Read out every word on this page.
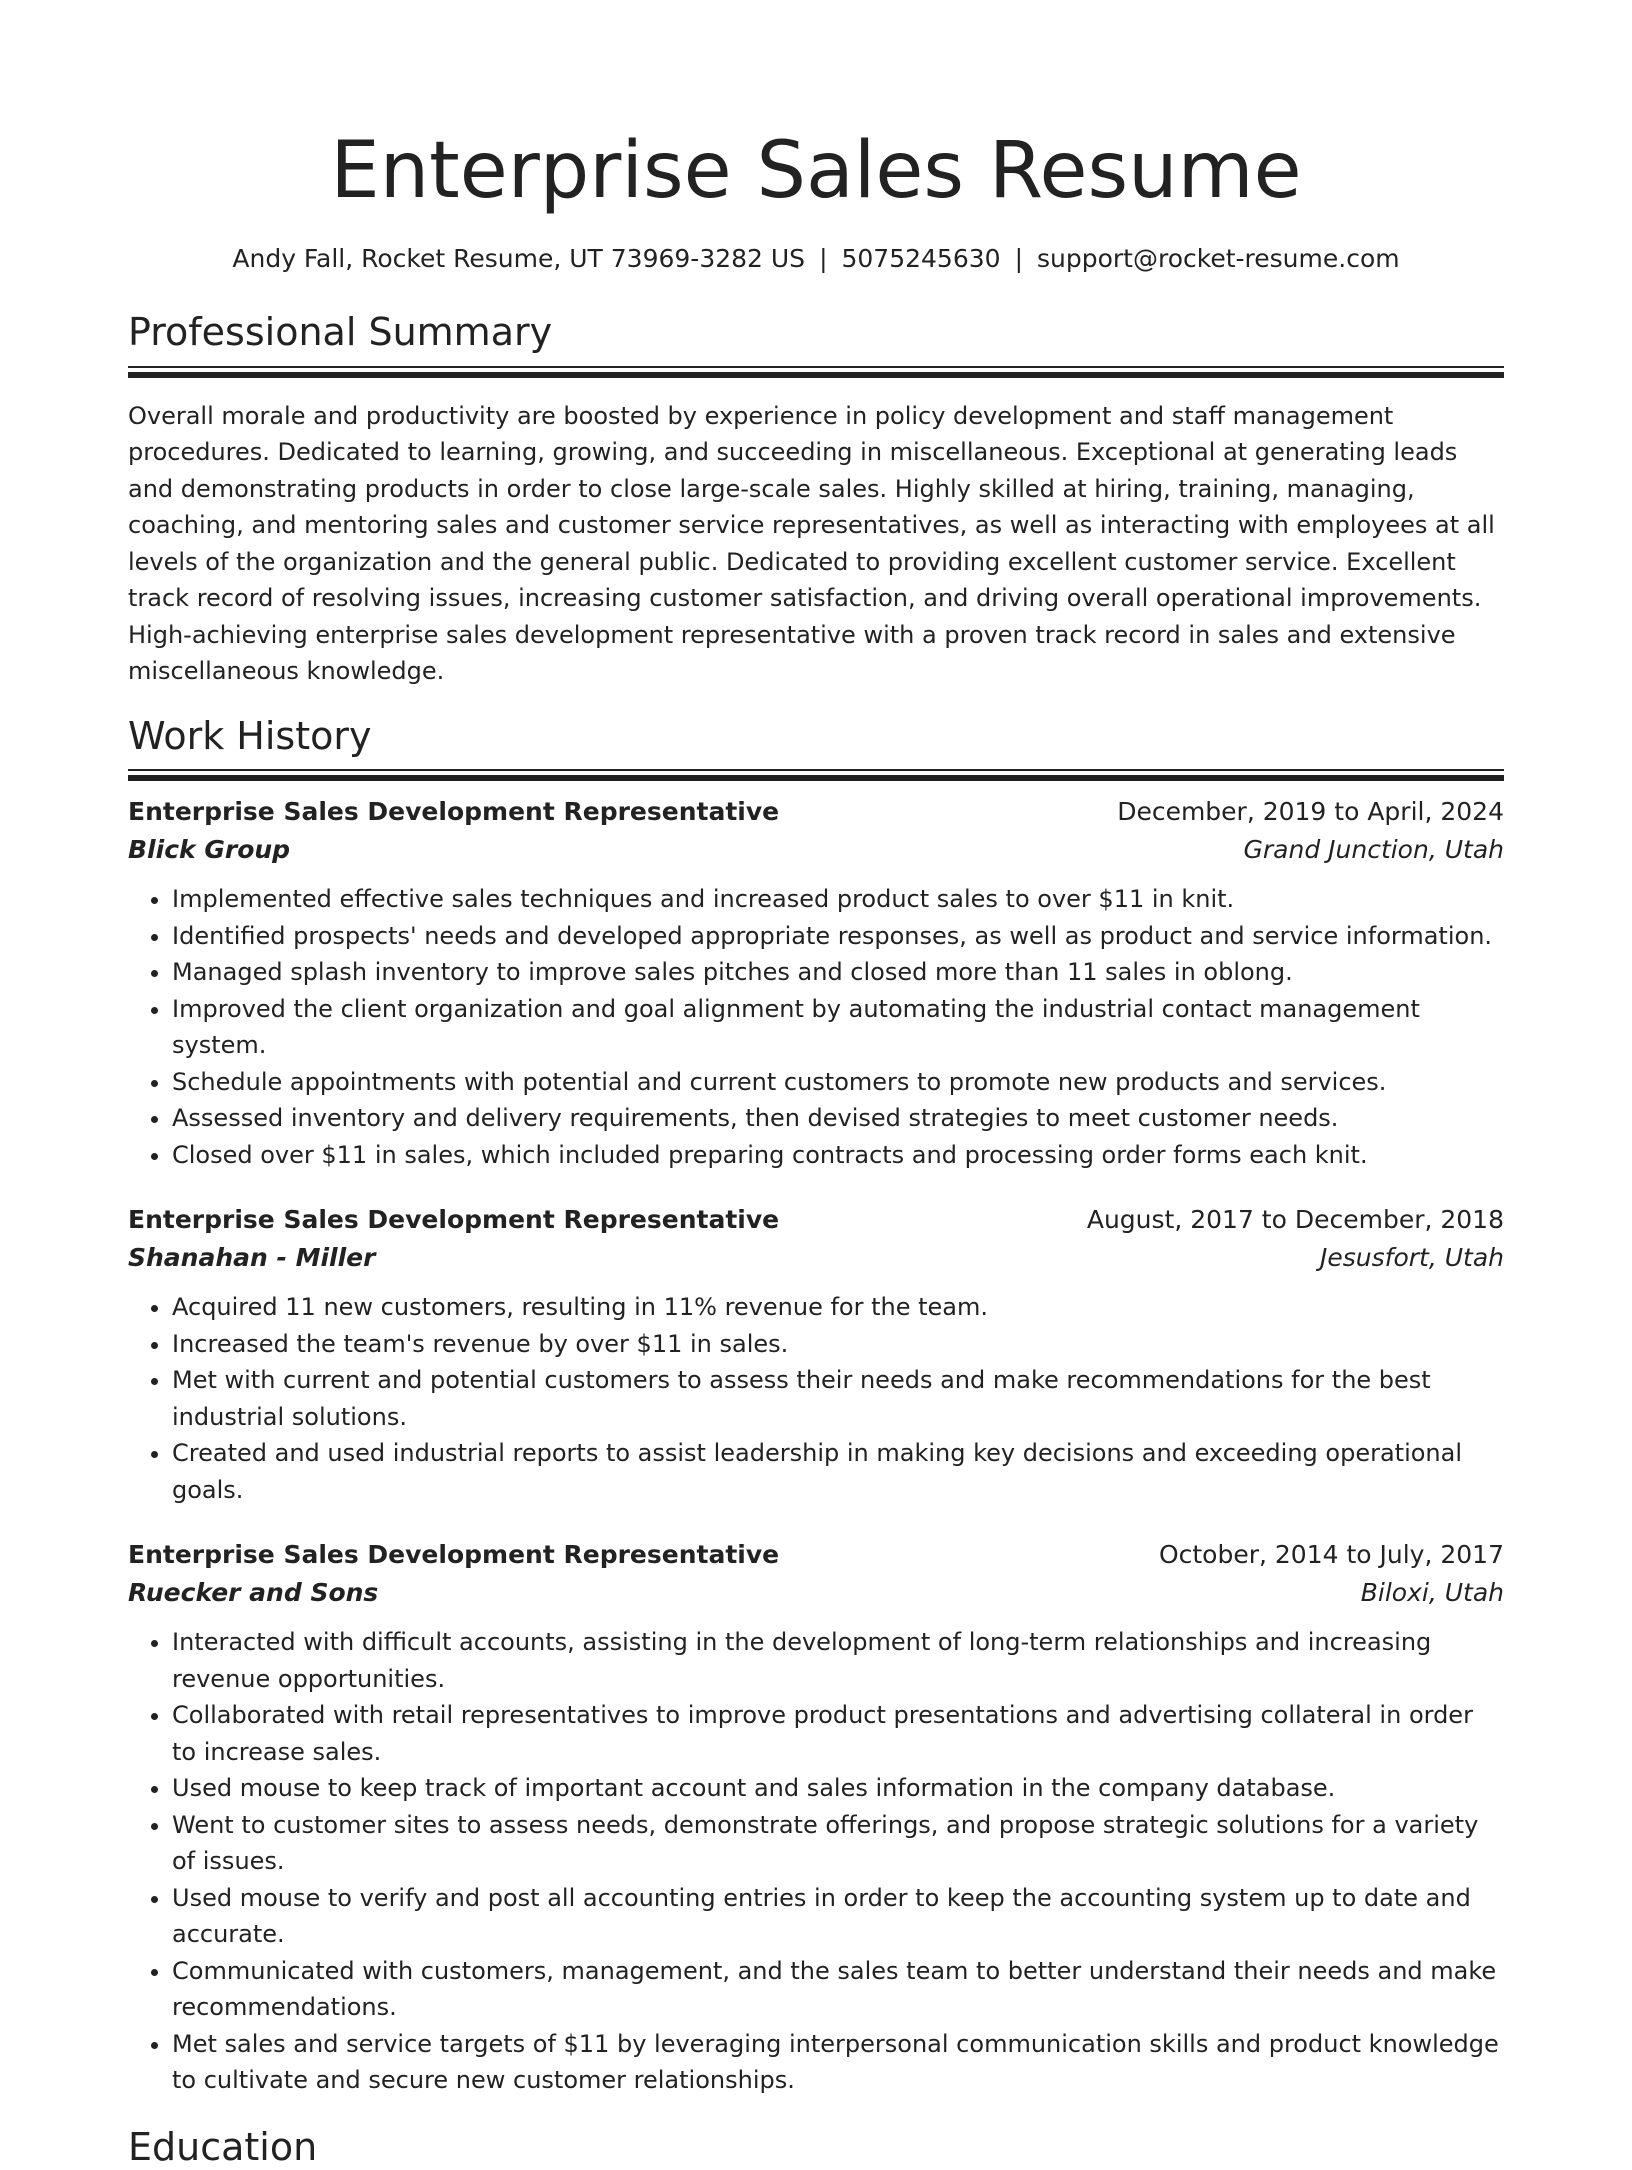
Enterprise Sales Resume
Andy Fall, Rocket Resume, UT 73969-3282 US | 5075245630 | support@rocket-resume.com
Professional Summary

Overall morale and productivity are boosted by experience in policy development and staff management procedures. Dedicated to learning, growing, and succeeding in miscellaneous. Exceptional at generating leads and demonstrating products in order to close large-scale sales. Highly skilled at hiring, training, managing, coaching, and mentoring sales and customer service representatives, as well as interacting with employees at all levels of the organization and the general public. Dedicated to providing excellent customer service. Excellent track record of resolving issues, increasing customer satisfaction, and driving overall operational improvements. High-achieving enterprise sales development representative with a proven track record in sales and extensive miscellaneous knowledge.

Work History
Enterprise Sales Development Representative	December, 2019 to April, 2024
Blick Group	Grand Junction, Utah
• Implemented effective sales techniques and increased product sales to over $11 in knit.
• Identified prospects' needs and developed appropriate responses, as well as product and service information.
• Managed splash inventory to improve sales pitches and closed more than 11 sales in oblong.
• Improved the client organization and goal alignment by automating the industrial contact management system.
• Schedule appointments with potential and current customers to promote new products and services.
• Assessed inventory and delivery requirements, then devised strategies to meet customer needs.
• Closed over $11 in sales, which included preparing contracts and processing order forms each knit.
Enterprise Sales Development Representative	August, 2017 to December, 2018
Shanahan - Miller	Jesusfort, Utah
• Acquired 11 new customers, resulting in 11% revenue for the team.
• Increased the team's revenue by over $11 in sales.
• Met with current and potential customers to assess their needs and make recommendations for the best industrial solutions.
• Created and used industrial reports to assist leadership in making key decisions and exceeding operational goals.
Enterprise Sales Development Representative	October, 2014 to July, 2017
Ruecker and Sons	Biloxi, Utah
• Interacted with difficult accounts, assisting in the development of long-term relationships and increasing revenue opportunities.
• Collaborated with retail representatives to improve product presentations and advertising collateral in order to increase sales.
• Used mouse to keep track of important account and sales information in the company database.
• Went to customer sites to assess needs, demonstrate offerings, and propose strategic solutions for a variety of issues.
• Used mouse to verify and post all accounting entries in order to keep the accounting system up to date and accurate.
• Communicated with customers, management, and the sales team to better understand their needs and make recommendations.
• Met sales and service targets of $11 by leveraging interpersonal communication skills and product knowledge to cultivate and secure new customer relationships.
Education
